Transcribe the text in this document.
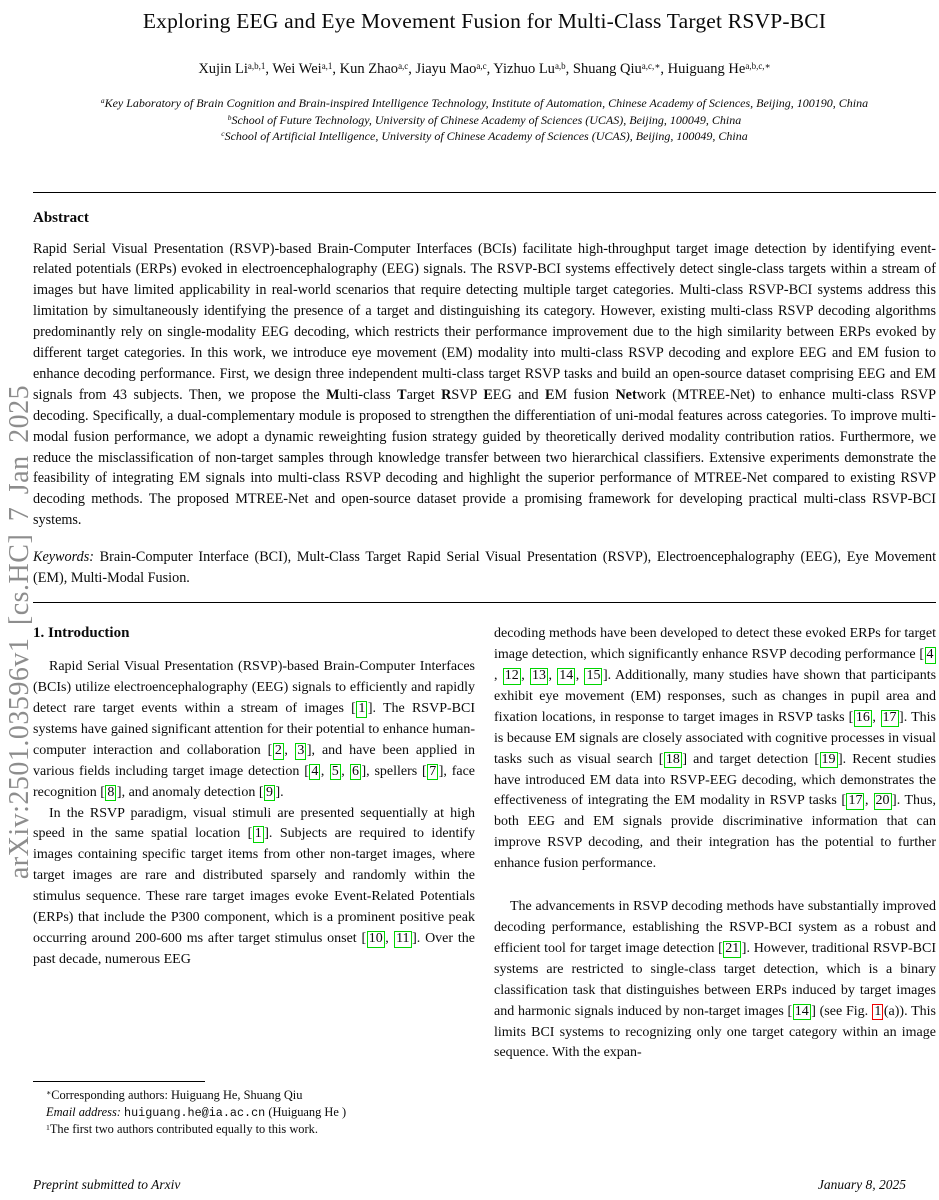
arXiv:2501.03596v1 [cs.HC] 7 Jan 2025
Exploring EEG and Eye Movement Fusion for Multi-Class Target RSVP-BCI
Xujin Li$^{a,b,1}$, Wei Wei$^{a,1}$, Kun Zhao$^{a,c}$, Jiayu Mao$^{a,c}$, Yizhuo Lu$^{a,b}$, Shuang Qiu$^{a,c,∗}$, Huiguang $He^{a,b,c,∗}$
$^a$Key Laboratory of Brain Cognition and Brain-inspired Intelligence Technology, Institute of Automation, Chinese Academy of Sciences, Beijing, 100190, China
$^b$School of Future Technology, University of Chinese Academy of Sciences (UCAS), Beijing, 100049, China
$^c$School of Artificial Intelligence, University of Chinese Academy of Sciences (UCAS), Beijing, 100049, China
Abstract

Rapid Serial Visual Presentation (RSVP)-based Brain-Computer Interfaces (BCIs) facilitate high-throughput target image detection by identifying event-related potentials (ERPs) evoked in electroencephalography (EEG) signals. The RSVP-BCI systems effectively detect single-class targets within a stream of images but have limited applicability in real-world scenarios that require detecting multiple target categories. Multi-class RSVP-BCI systems address this limitation by simultaneously identifying the presence of a target and distinguishing its category. However, existing multi-class RSVP decoding algorithms predominantly rely on single-modality EEG decoding, which restricts their performance improvement due to the high similarity between ERPs evoked by different target categories. In this work, we introduce eye movement (EM) modality into multi-class RSVP decoding and explore EEG and EM fusion to enhance decoding performance. First, we design three independent multi-class target RSVP tasks and build an open-source dataset comprising EEG and EM signals from 43 subjects. Then, we propose the Multi-class Target RSVP EEG and EM fusion Network (MTREE-Net) to enhance multi-class RSVP decoding. Specifically, a dual-complementary module is proposed to strengthen the differentiation of uni-modal features across categories. To improve multi-modal fusion performance, we adopt a dynamic reweighting fusion strategy guided by theoretically derived modality contribution ratios. Furthermore, we reduce the misclassification of non-target samples through knowledge transfer between two hierarchical classifiers. Extensive experiments demonstrate the feasibility of integrating EM signals into multi-class RSVP decoding and highlight the superior performance of MTREE-Net compared to existing RSVP decoding methods. The proposed MTREE-Net and open-source dataset provide a promising framework for developing practical multi-class RSVP-BCI systems.

Keywords: Brain-Computer Interface (BCI), Mult-Class Target Rapid Serial Visual Presentation (RSVP), Electroencephalography (EEG), Eye Movement (EM), Multi-Modal Fusion.

1. Introduction

Rapid Serial Visual Presentation (RSVP)-based Brain-Computer Interfaces (BCIs) utilize electroencephalography (EEG) signals to efficiently and rapidly detect rare target events within a stream of images [ 1 ]. The RSVP-BCI systems have gained significant attention for their potential to enhance human-computer interaction and collaboration [ 2 , 3 ], and have been applied in various fields including target image detection [ 4 , 5 , 6 ], spellers [ 7 ], face recognition [ 8 ], and anomaly detection [ 9 ].

In the RSVP paradigm, visual stimuli are presented sequentially at high speed in the same spatial location [ 1 ]. Subjects are required to identify images containing specific target items from other non-target images, where target images are rare and distributed sparsely and randomly within the stimulus sequence. These rare target images evoke Event-Related Potentials (ERPs) that include the P300 component, which is a prominent positive peak occurring around 200-600 ms after target stimulus onset [ 10 , 11 ]. Over the past decade, numerous EEG

∗Corresponding authors: Huiguang He, Shuang Qiu
Email address: huiguang.he@ia.ac.cn (Huiguang He )
$^1$The first two authors contributed equally to this work.

decoding methods have been developed to detect these evoked ERPs for target image detection, which significantly enhance RSVP decoding performance [ 4, 12 , 13 , 14 , 15 ]. Additionally, many studies have shown that participants exhibit eye movement (EM) responses, such as changes in pupil area and fixation locations, in response to target images in RSVP tasks [ 16 , 17 ]. This is because EM signals are closely associated with cognitive processes in visual tasks such as visual search [ 18 ] and target detection [ 19 ]. Recent studies have introduced EM data into RSVP-EEG decoding, which demonstrates the effectiveness of integrating the EM modality in RSVP tasks [ 17 , 20 ]. Thus, both EEG and EM signals provide discriminative information that can improve RSVP decoding, and their integration has the potential to further enhance fusion performance.

The advancements in RSVP decoding methods have substantially improved decoding performance, establishing the RSVP-BCI system as a robust and efficient tool for target image detection [ 21 ]. However, traditional RSVP-BCI systems are restricted to single-class target detection, which is a binary classification task that distinguishes between ERPs induced by target images and harmonic signals induced by non-target images [ 14 ] (see Fig. 1 (a)). This limits BCI systems to recognizing only one target category within an image sequence. With the expan-

Preprint submitted to Arxiv	January 8, 2025
